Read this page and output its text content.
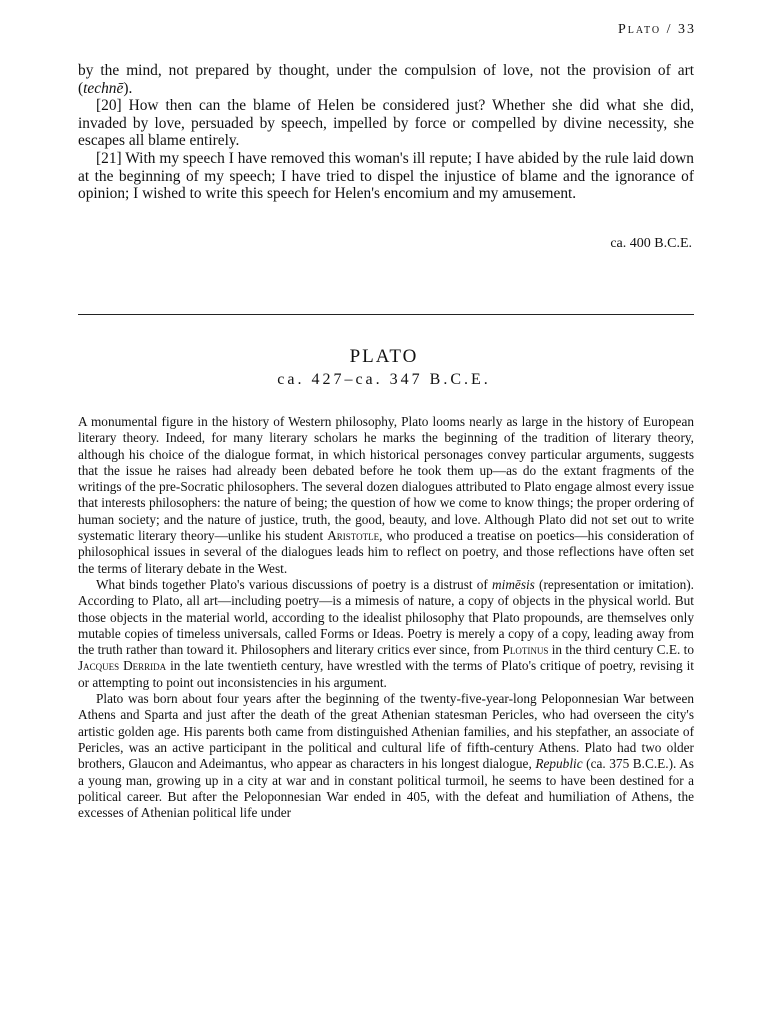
Plato / 33

by the mind, not prepared by thought, under the compulsion of love, not the provision of art (technē).

[20] How then can the blame of Helen be considered just? Whether she did what she did, invaded by love, persuaded by speech, impelled by force or compelled by divine necessity, she escapes all blame entirely.

[21] With my speech I have removed this woman's ill repute; I have abided by the rule laid down at the beginning of my speech; I have tried to dispel the injustice of blame and the ignorance of opinion; I wished to write this speech for Helen's encomium and my amusement.

ca. 400 B.C.E.
PLATO
ca. 427–ca. 347 B.C.E.

A monumental figure in the history of Western philosophy, Plato looms nearly as large in the history of European literary theory. Indeed, for many literary scholars he marks the beginning of the tradition of literary theory, although his choice of the dialogue format, in which historical personages convey particular arguments, suggests that the issue he raises had already been debated before he took them up—as do the extant fragments of the writings of the pre-Socratic philosophers. The several dozen dialogues attributed to Plato engage almost every issue that interests philosophers: the nature of being; the question of how we come to know things; the proper ordering of human society; and the nature of justice, truth, the good, beauty, and love. Although Plato did not set out to write systematic literary theory—unlike his student Aristotle, who produced a treatise on poetics—his consideration of philosophical issues in several of the dialogues leads him to reflect on poetry, and those reflections have often set the terms of literary debate in the West.

What binds together Plato's various discussions of poetry is a distrust of mimēsis (representation or imitation). According to Plato, all art—including poetry—is a mimesis of nature, a copy of objects in the physical world. But those objects in the material world, according to the idealist philosophy that Plato propounds, are themselves only mutable copies of timeless universals, called Forms or Ideas. Poetry is merely a copy of a copy, leading away from the truth rather than toward it. Philosophers and literary critics ever since, from Plotinus in the third century C.E. to Jacques Derrida in the late twentieth century, have wrestled with the terms of Plato's critique of poetry, revising it or attempting to point out inconsistencies in his argument.

Plato was born about four years after the beginning of the twenty-five-year-long Peloponnesian War between Athens and Sparta and just after the death of the great Athenian statesman Pericles, who had overseen the city's artistic golden age. His parents both came from distinguished Athenian families, and his stepfather, an associate of Pericles, was an active participant in the political and cultural life of fifth-century Athens. Plato had two older brothers, Glaucon and Adeimantus, who appear as characters in his longest dialogue, Republic (ca. 375 B.C.E.). As a young man, growing up in a city at war and in constant political turmoil, he seems to have been destined for a political career. But after the Peloponnesian War ended in 405, with the defeat and humiliation of Athens, the excesses of Athenian political life under
